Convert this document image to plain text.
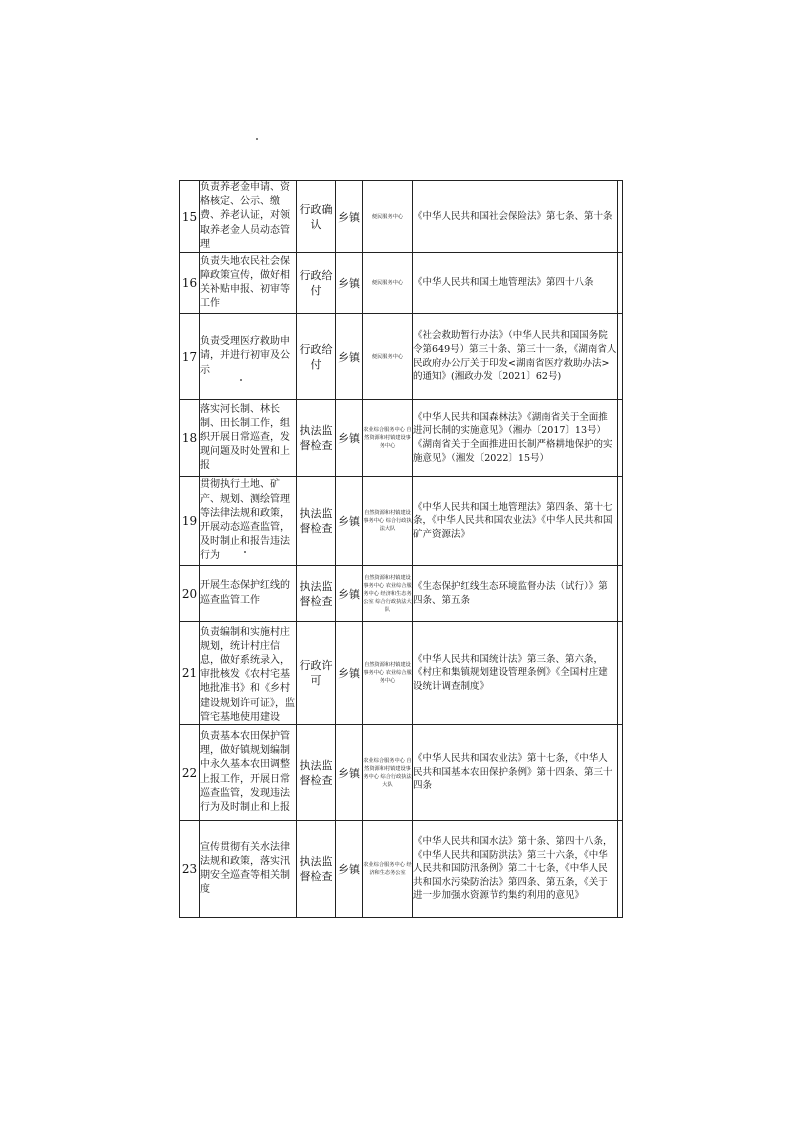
15	负责养老金申请、资格核定、公示、缴费、养老认证，对领取养老金人员动态管理	行政确认	乡镇	便民服务中心	《中华人民共和国社会保险法》第七条、第十条	
16	负责失地农民社会保障政策宣传，做好相关补贴申报、初审等工作	行政给付	乡镇	便民服务中心	《中华人民共和国土地管理法》第四十八条	
17	负责受理医疗救助申请，并进行初审及公示	行政给付	乡镇	便民服务中心	《社会救助暂行办法》（中华人民共和国国务院令第649号）第三十条、第三十一条，《湖南省人民政府办公厅关于印发<湖南省医疗救助办法>的通知》(湘政办发〔2021〕62号)	
18	落实河长制、林长制、田长制工作，组织开展日常巡查，发现问题及时处置和上报	执法监督检查	乡镇	农业综合服务中心 自然资源和村镇建设事务中心	《中华人民共和国森林法》《湖南省关于全面推进河长制的实施意见》（湘办〔2017〕13号）《湖南省关于全面推进田长制严格耕地保护的实施意见》（湘发〔2022〕15号）	
19	贯彻执行土地、矿产、规划、测绘管理等法律法规和政策，开展动态巡查监管，及时制止和报告违法行为	执法监督检查	乡镇	自然资源和村镇建设事务中心 综合行政执法大队	《中华人民共和国土地管理法》第四条、第十七条，《中华人民共和国农业法》《中华人民共和国矿产资源法》	
20	开展生态保护红线的巡查监管工作	执法监督检查	乡镇	自然资源和村镇建设事务中心 农业综合服务中心 经济和生态务公室 综合行政执法大队	《生态保护红线生态环境监督办法（试行）》第四条、第五条	
21	负责编制和实施村庄规划，统计村庄信息，做好系统录入，审批核发《农村宅基地批准书》和《乡村建设规划许可证》，监管宅基地使用建设	行政许可	乡镇	自然资源和村镇建设事务中心 农业综合服务中心	《中华人民共和国统计法》第三条、第六条，《村庄和集镇规划建设管理条例》《全国村庄建设统计调查制度》	
22	负责基本农田保护管理，做好镇规划编制中永久基本农田调整上报工作，开展日常巡查监管，发现违法行为及时制止和上报	执法监督检查	乡镇	农业综合服务中心 自然资源和村镇建设事务中心 综合行政执法大队	《中华人民共和国农业法》第十七条，《中华人民共和国基本农田保护条例》第十四条、第三十四条	
23	宣传贯彻有关水法律法规和政策，落实汛期安全巡查等相关制度	执法监督检查	乡镇	农业综合服务中心 经济和生态务公室	《中华人民共和国水法》第十条、第四十八条，《中华人民共和国防洪法》第三十六条，《中华人民共和国防汛条例》第二十七条，《中华人民共和国水污染防治法》第四条、第五条，《关于进一步加强水资源节约集约利用的意见》	
